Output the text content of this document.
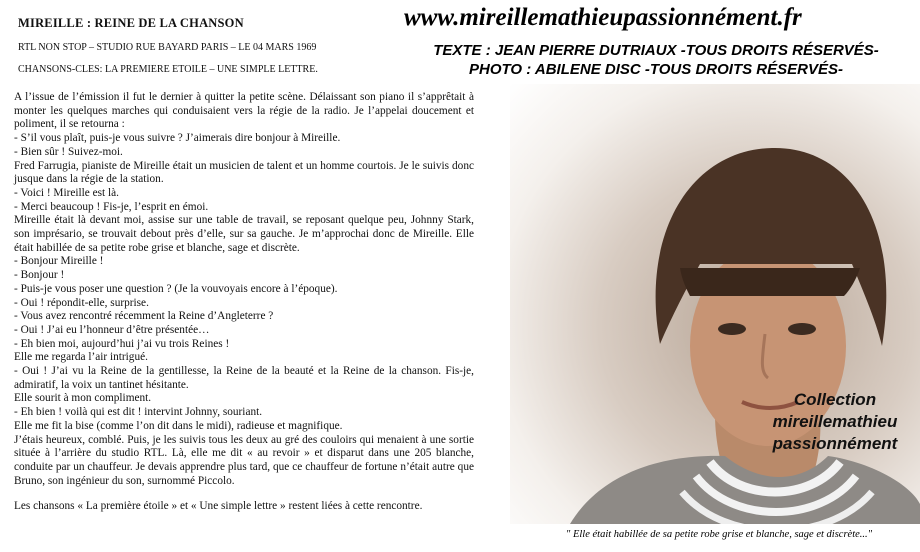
MIREILLE : REINE DE LA CHANSON
RTL NON STOP – STUDIO RUE BAYARD PARIS – LE 04 MARS 1969
CHANSONS-CLES: LA PREMIERE ETOILE – UNE SIMPLE LETTRE.

A l’issue de l’émission il fut le dernier à quitter la petite scène. Délaissant son piano il s’apprêtait à monter les quelques marches qui conduisaient vers la régie de la radio. Je l’appelai doucement et poliment, il se retourna :

- S’il vous plaît, puis-je vous suivre ? J’aimerais dire bonjour à Mireille.

- Bien sûr ! Suivez-moi.

Fred Farrugia, pianiste de Mireille était un musicien de talent et un homme courtois. Je le suivis donc jusque dans la régie de la station.

- Voici ! Mireille est là.

- Merci beaucoup ! Fis-je, l’esprit en émoi.

Mireille était là devant moi, assise sur une table de travail, se reposant quelque peu, Johnny Stark, son imprésario, se trouvait debout près d’elle, sur sa gauche. Je m’approchai donc de Mireille. Elle était habillée de sa petite robe grise et blanche, sage et discrète.

- Bonjour Mireille !

- Bonjour !

- Puis-je vous poser une question ? (Je la vouvoyais encore à l’époque).

- Oui ! répondit-elle, surprise.

- Vous avez rencontré récemment la Reine d’Angleterre ?

- Oui ! J’ai eu l’honneur d’être présentée…

- Eh bien moi, aujourd’hui j’ai vu trois Reines !

Elle me regarda l’air intrigué.

- Oui ! J’ai vu la Reine de la gentillesse, la Reine de la beauté et la Reine de la chanson. Fis-je, admiratif, la voix un tantinet hésitante.

Elle sourit à mon compliment.

- Eh bien ! voilà qui est dit ! intervint Johnny, souriant.

Elle me fit la bise (comme l’on dit dans le midi), radieuse et magnifique.

J’étais heureux, comblé. Puis, je les suivis tous les deux au gré des couloirs qui menaient à une sortie située à l’arrière du studio RTL. Là, elle me dit « au revoir » et disparut dans une 205 blanche, conduite par un chauffeur. Je devais apprendre plus tard, que ce chauffeur de fortune n’était autre que Bruno, son ingénieur du son, surnommé Piccolo.

Les chansons « La première étoile » et « Une simple lettre » restent liées à cette rencontre.
www.mireillemathieupassionnément.fr
TEXTE : JEAN PIERRE DUTRIAUX -TOUS DROITS RÉSERVÉS-
PHOTO : ABILENE DISC -TOUS DROITS RÉSERVÉS-
Collection
mireillemathieu
passionnément
" Elle était habillée de sa petite robe grise et blanche, sage et discrète..."
